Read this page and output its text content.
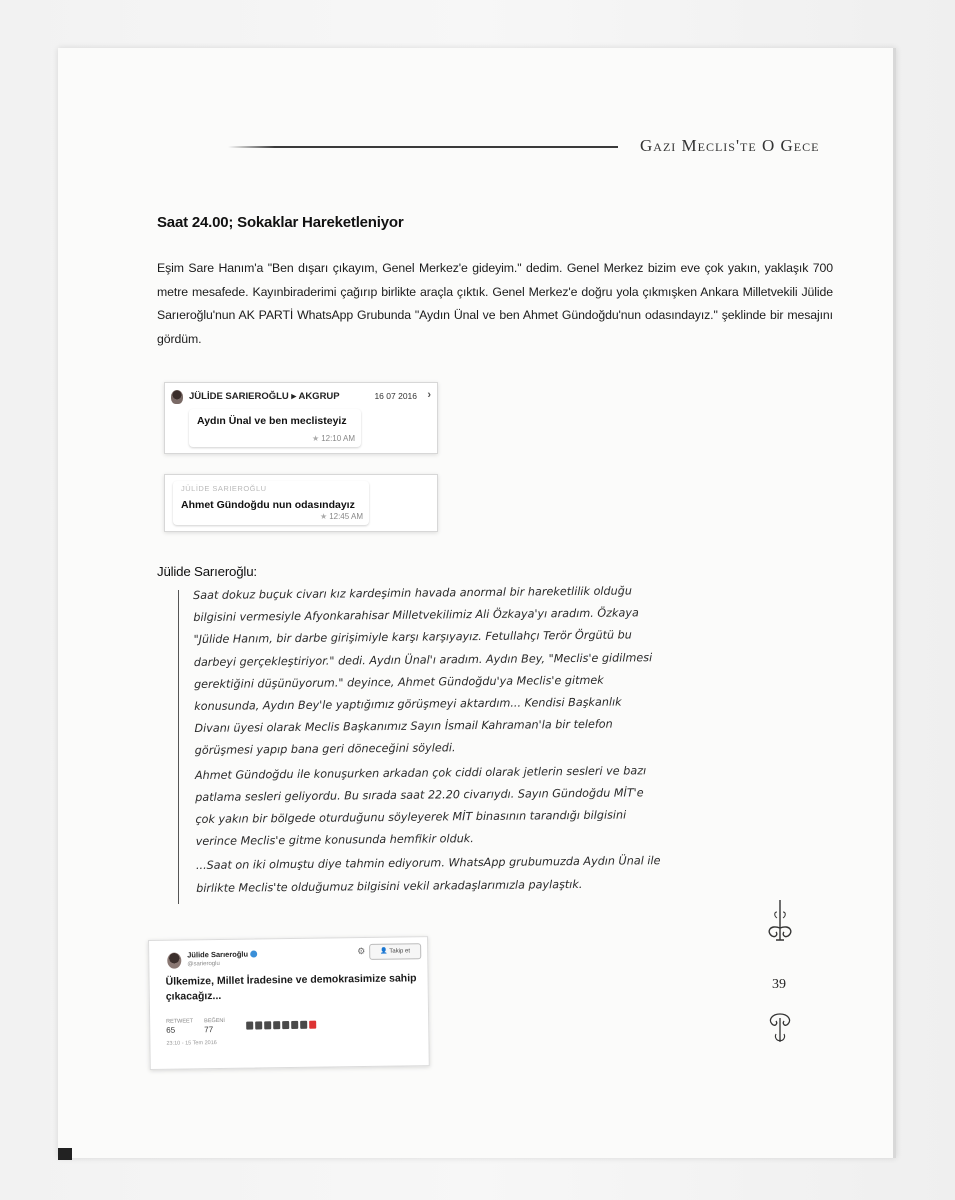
Gazi Meclis'te O Gece
Saat 24.00; Sokaklar Hareketleniyor
Eşim Sare Hanım'a "Ben dışarı çıkayım, Genel Merkez'e gideyim." dedim. Genel Merkez bizim eve çok yakın, yaklaşık 700 metre mesafede. Kayınbiraderimi çağırıp birlikte araçla çıktık. Genel Merkez'e doğru yola çıkmışken Ankara Milletvekili Jülide Sarıeroğlu'nun AK PARTİ WhatsApp Grubunda "Aydın Ünal ve ben Ahmet Gündoğdu'nun odasındayız." şeklinde bir mesajını gördüm.
JÜLİDE SARIEROĞLU ▸ AKGRUP	16 07 2016 ›
Aydın Ünal ve ben meclisteyiz
★ 12:10 AM
JÜLİDE SARIEROĞLU
Ahmet Gündoğdu nun odasındayız
★ 12:45 AM
Jülide Sarıeroğlu:

Saat dokuz buçuk civarı kız kardeşimin havada anormal bir hareketlilik olduğu bilgisini vermesiyle Afyonkarahisar Milletvekilimiz Ali Özkaya'yı aradım. Özkaya "Jülide Hanım, bir darbe girişimiyle karşı karşıyayız. Fetullahçı Terör Örgütü bu darbeyi gerçekleştiriyor." dedi. Aydın Ünal'ı aradım. Aydın Bey, "Meclis'e gidilmesi gerektiğini düşünüyorum." deyince, Ahmet Gündoğdu'ya Meclis'e gitmek konusunda, Aydın Bey'le yaptığımız görüşmeyi aktardım... Kendisi Başkanlık Divanı üyesi olarak Meclis Başkanımız Sayın İsmail Kahraman'la bir telefon görüşmesi yapıp bana geri döneceğini söyledi.

Ahmet Gündoğdu ile konuşurken arkadan çok ciddi olarak jetlerin sesleri ve bazı patlama sesleri geliyordu. Bu sırada saat 22.20 civarıydı. Sayın Gündoğdu MİT'e çok yakın bir bölgede oturduğunu söyleyerek MİT binasının tarandığı bilgisini verince Meclis'e gitme konusunda hemfikir olduk.

...Saat on iki olmuştu diye tahmin ediyorum. WhatsApp grubumuzda Aydın Ünal ile birlikte Meclis'te olduğumuz bilgisini vekil arkadaşlarımızla paylaştık.

Jülide Sarıeroğlu
@sarieroglu
⚙	👤 Takip et
Ülkemize, Millet İradesine ve demokrasimize sahip çıkacağız...
RETWEET
65
BEĞENİ
77
23:10 - 15 Tem 2016
39
